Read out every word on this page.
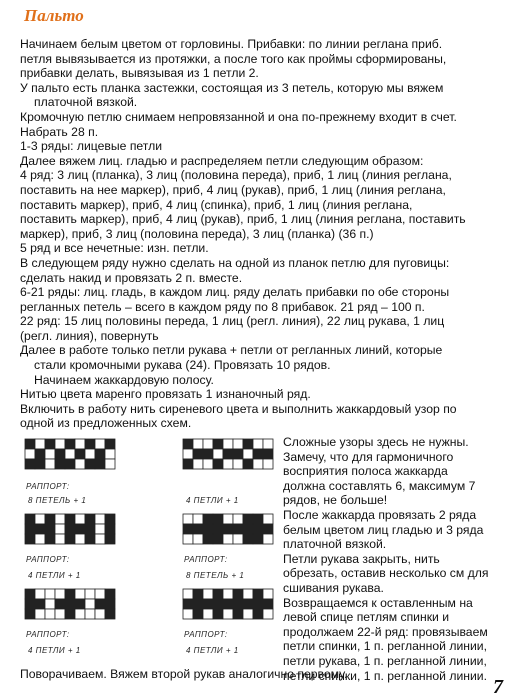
Пальто

Начинаем белым цветом от горловины. Прибавки: по линии реглана приб.

петля вывязывается из протяжки, а после того как проймы сформированы,

прибавки делать, вывязывая из 1 петли 2.

У пальто есть планка застежки, состоящая из 3 петель, которую мы вяжем

платочной вязкой.

Кромочную петлю снимаем непровязанной и она по-прежнему входит в счет.

Набрать 28 п.

1-3 ряды: лицевые петли

Далее вяжем лиц. гладью и распределяем петли следующим образом:

4 ряд: 3 лиц (планка), 3 лиц (половина переда), приб, 1 лиц (линия реглана,

поставить на нее маркер), приб, 4 лиц (рукав), приб, 1 лиц (линия реглана,

поставить маркер), приб, 4 лиц (спинка), приб, 1 лиц (линия реглана,

поставить маркер), приб, 4 лиц (рукав), приб, 1 лиц (линия реглана, поставить

маркер), приб, 3 лиц (половина переда), 3 лиц (планка) (36 п.)

5 ряд и все нечетные: изн. петли.

В следующем ряду нужно сделать на одной из планок петлю для пуговицы:

сделать накид и провязать 2 п. вместе.

6-21 ряды: лиц. гладь, в каждом лиц. ряду делать прибавки по обе стороны

регланных петель – всего в каждом ряду по 8 прибавок. 21 ряд – 100 п.

22 ряд: 15 лиц половины переда, 1 лиц (регл. линия), 22 лиц рукава, 1 лиц

(регл. линия), повернуть

Далее в работе только петли рукава + петли от регланных линий, которые

стали кромочными рукава (24). Провязать 10 рядов.

Начинаем жаккардовую полосу.

Нитью цвета маренго провязать 1 изнаночный ряд.

Включить в работу нить сиреневого цвета и выполнить жаккардовый узор по

одной из предложенных схем.

РАППОРТ:
8 ПЕТЕЛЬ + 1	4 ПЕТЛИ + 1
РАППОРТ:
4 ПЕТЛИ + 1
РАППОРТ:
8 ПЕТЕЛЬ + 1
РАППОРТ:
4 ПЕТЛИ + 1
РАППОРТ:
4 ПЕТЛИ + 1

Сложные узоры здесь не нужны.

Замечу, что для гармоничного

восприятия полоса жаккарда

должна составлять 6, максимум 7

рядов, не больше!

После жаккарда провязать 2 ряда

белым цветом лиц гладью и 3 ряда

платочной вязкой.

Петли рукава закрыть, нить

обрезать, оставив несколько см для

сшивания рукава.

Возвращаемся к оставленным на

левой спице петлям спинки и

продолжаем 22-й ряд: провязываем

петли спинки, 1 п. регланной линии,

петли рукава, 1 п. регланной линии,

петли спинки, 1 п. регланной линии.

Поворачиваем. Вяжем второй рукав аналогично первому.
7
